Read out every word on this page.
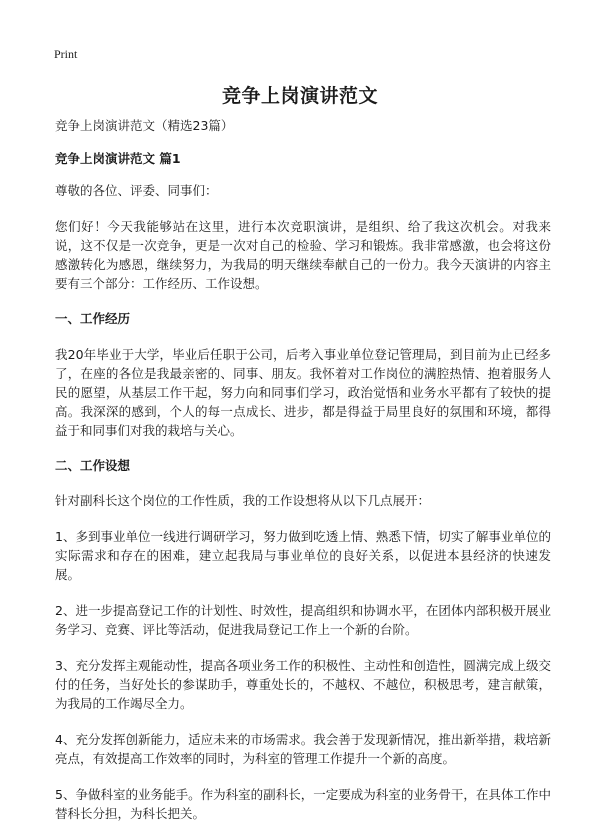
Print
竞争上岗演讲范文

竞争上岗演讲范文（精选23篇）

竞争上岗演讲范文 篇1

尊敬的各位、评委、同事们：

您们好！今天我能够站在这里，进行本次竞职演讲，是组织、给了我这次机会。对我来说，这不仅是一次竞争，更是一次对自己的检验、学习和锻炼。我非常感激，也会将这份感激转化为感恩，继续努力，为我局的明天继续奉献自己的一份力。我今天演讲的内容主要有三个部分：工作经历、工作设想。

一、工作经历

我20年毕业于大学，毕业后任职于公司，后考入事业单位登记管理局，到目前为止已经多了，在座的各位是我最亲密的、同事、朋友。我怀着对工作岗位的满腔热情、抱着服务人民的愿望，从基层工作干起，努力向和同事们学习，政治觉悟和业务水平都有了较快的提高。我深深的感到，个人的每一点成长、进步，都是得益于局里良好的氛围和环境，都得益于和同事们对我的栽培与关心。

二、工作设想

针对副科长这个岗位的工作性质，我的工作设想将从以下几点展开：

1、多到事业单位一线进行调研学习，努力做到吃透上情、熟悉下情，切实了解事业单位的实际需求和存在的困难，建立起我局与事业单位的良好关系，以促进本县经济的快速发展。

2、进一步提高登记工作的计划性、时效性，提高组织和协调水平，在团体内部积极开展业务学习、竞赛、评比等活动，促进我局登记工作上一个新的台阶。

3、充分发挥主观能动性，提高各项业务工作的积极性、主动性和创造性，圆满完成上级交付的任务，当好处长的参谋助手，尊重处长的，不越权、不越位，积极思考，建言献策，为我局的工作竭尽全力。

4、充分发挥创新能力，适应未来的市场需求。我会善于发现新情况，推出新举措，栽培新亮点，有效提高工作效率的同时，为科室的管理工作提升一个新的高度。

5、争做科室的业务能手。作为科室的副科长，一定要成为科室的业务骨干，在具体工作中替科长分担，为科长把关。
